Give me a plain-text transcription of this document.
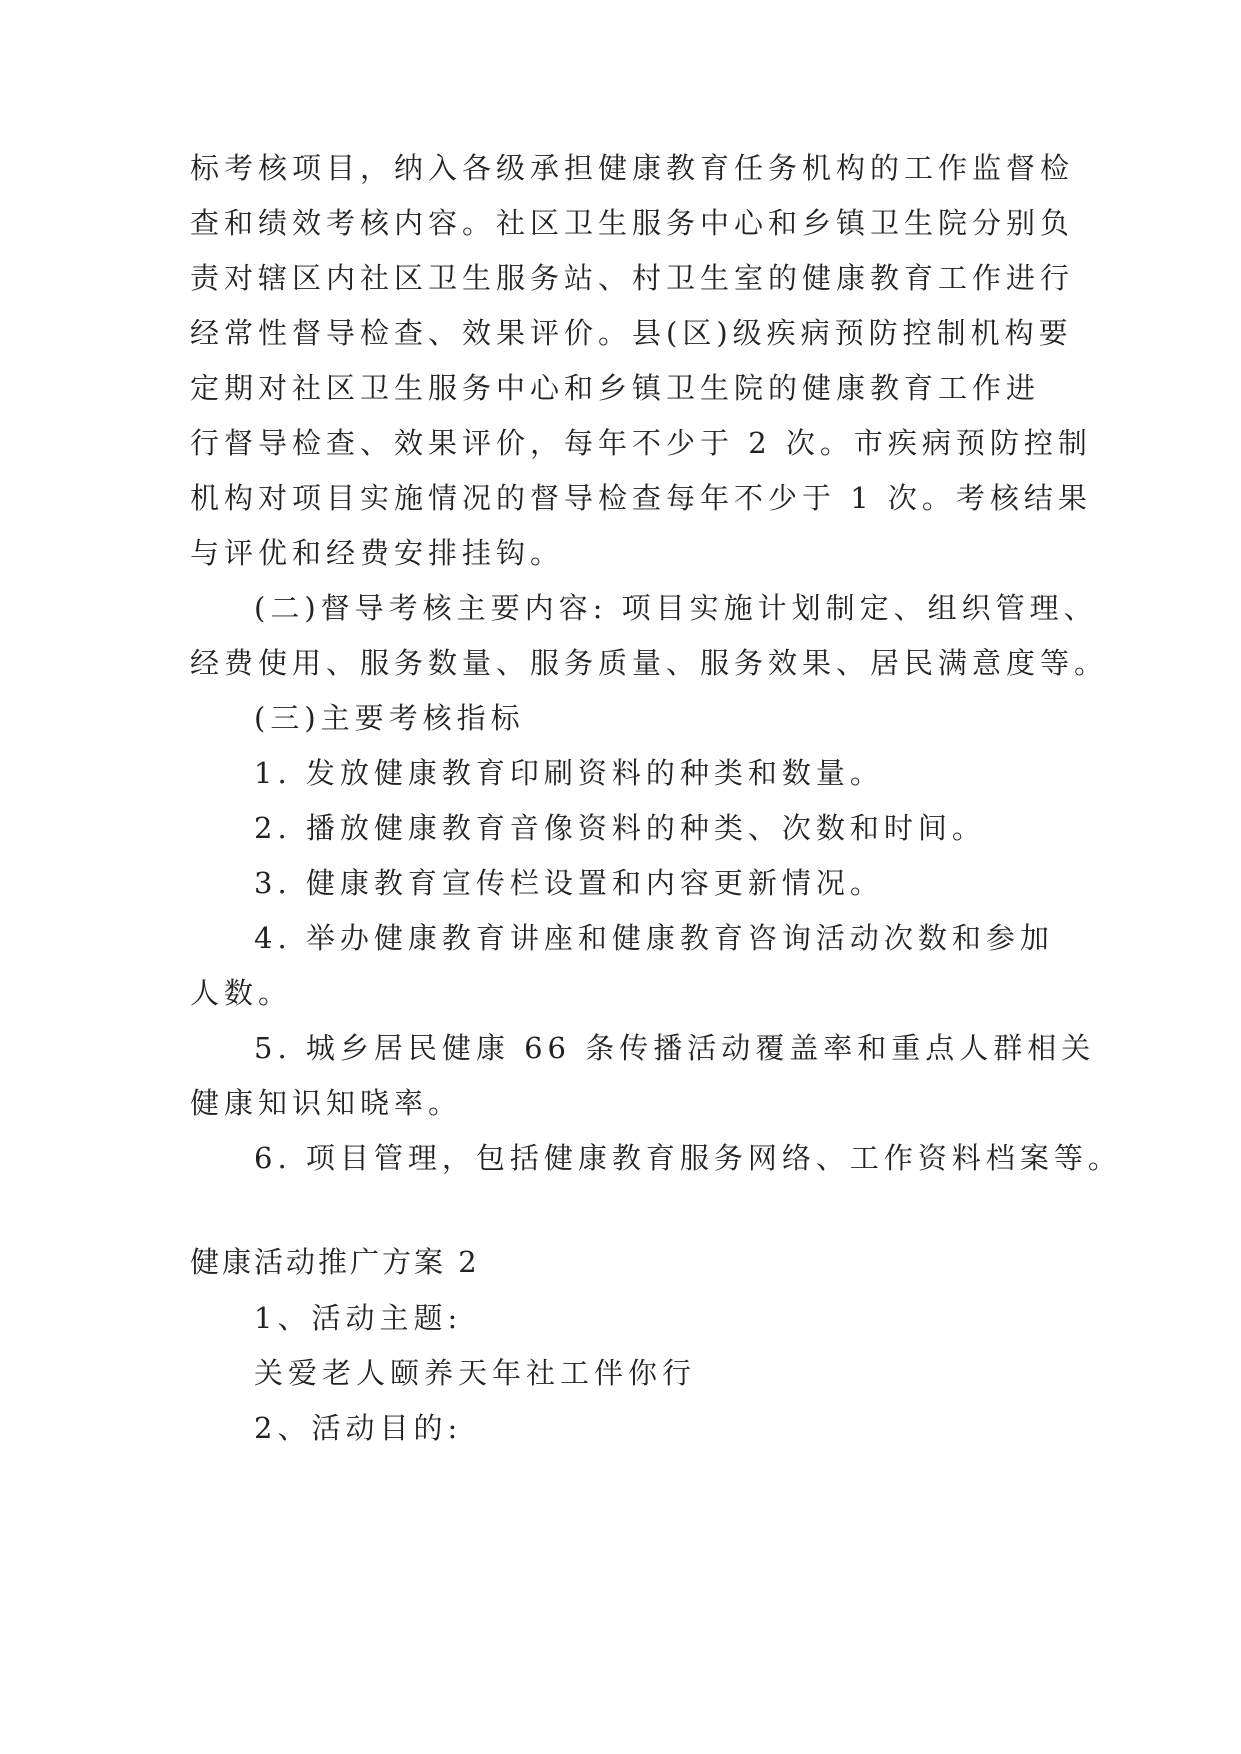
标考核项目，纳入各级承担健康教育任务机构的工作监督检

查和绩效考核内容。社区卫生服务中心和乡镇卫生院分别负

责对辖区内社区卫生服务站、村卫生室的健康教育工作进行

经常性督导检查、效果评价。县(区)级疾病预防控制机构要

定期对社区卫生服务中心和乡镇卫生院的健康教育工作进

行督导检查、效果评价，每年不少于 2 次。市疾病预防控制

机构对项目实施情况的督导检查每年不少于 1 次。考核结果

与评优和经费安排挂钩。

(二)督导考核主要内容: 项目实施计划制定、组织管理、

经费使用、服务数量、服务质量、服务效果、居民满意度等。

(三)主要考核指标

1. 发放健康教育印刷资料的种类和数量。

2. 播放健康教育音像资料的种类、次数和时间。

3. 健康教育宣传栏设置和内容更新情况。

4. 举办健康教育讲座和健康教育咨询活动次数和参加

人数。

5. 城乡居民健康 66 条传播活动覆盖率和重点人群相关

健康知识知晓率。

6. 项目管理，包括健康教育服务网络、工作资料档案等。

健康活动推广方案 2

1、活动主题:

关爱老人颐养天年社工伴你行

2、活动目的:
